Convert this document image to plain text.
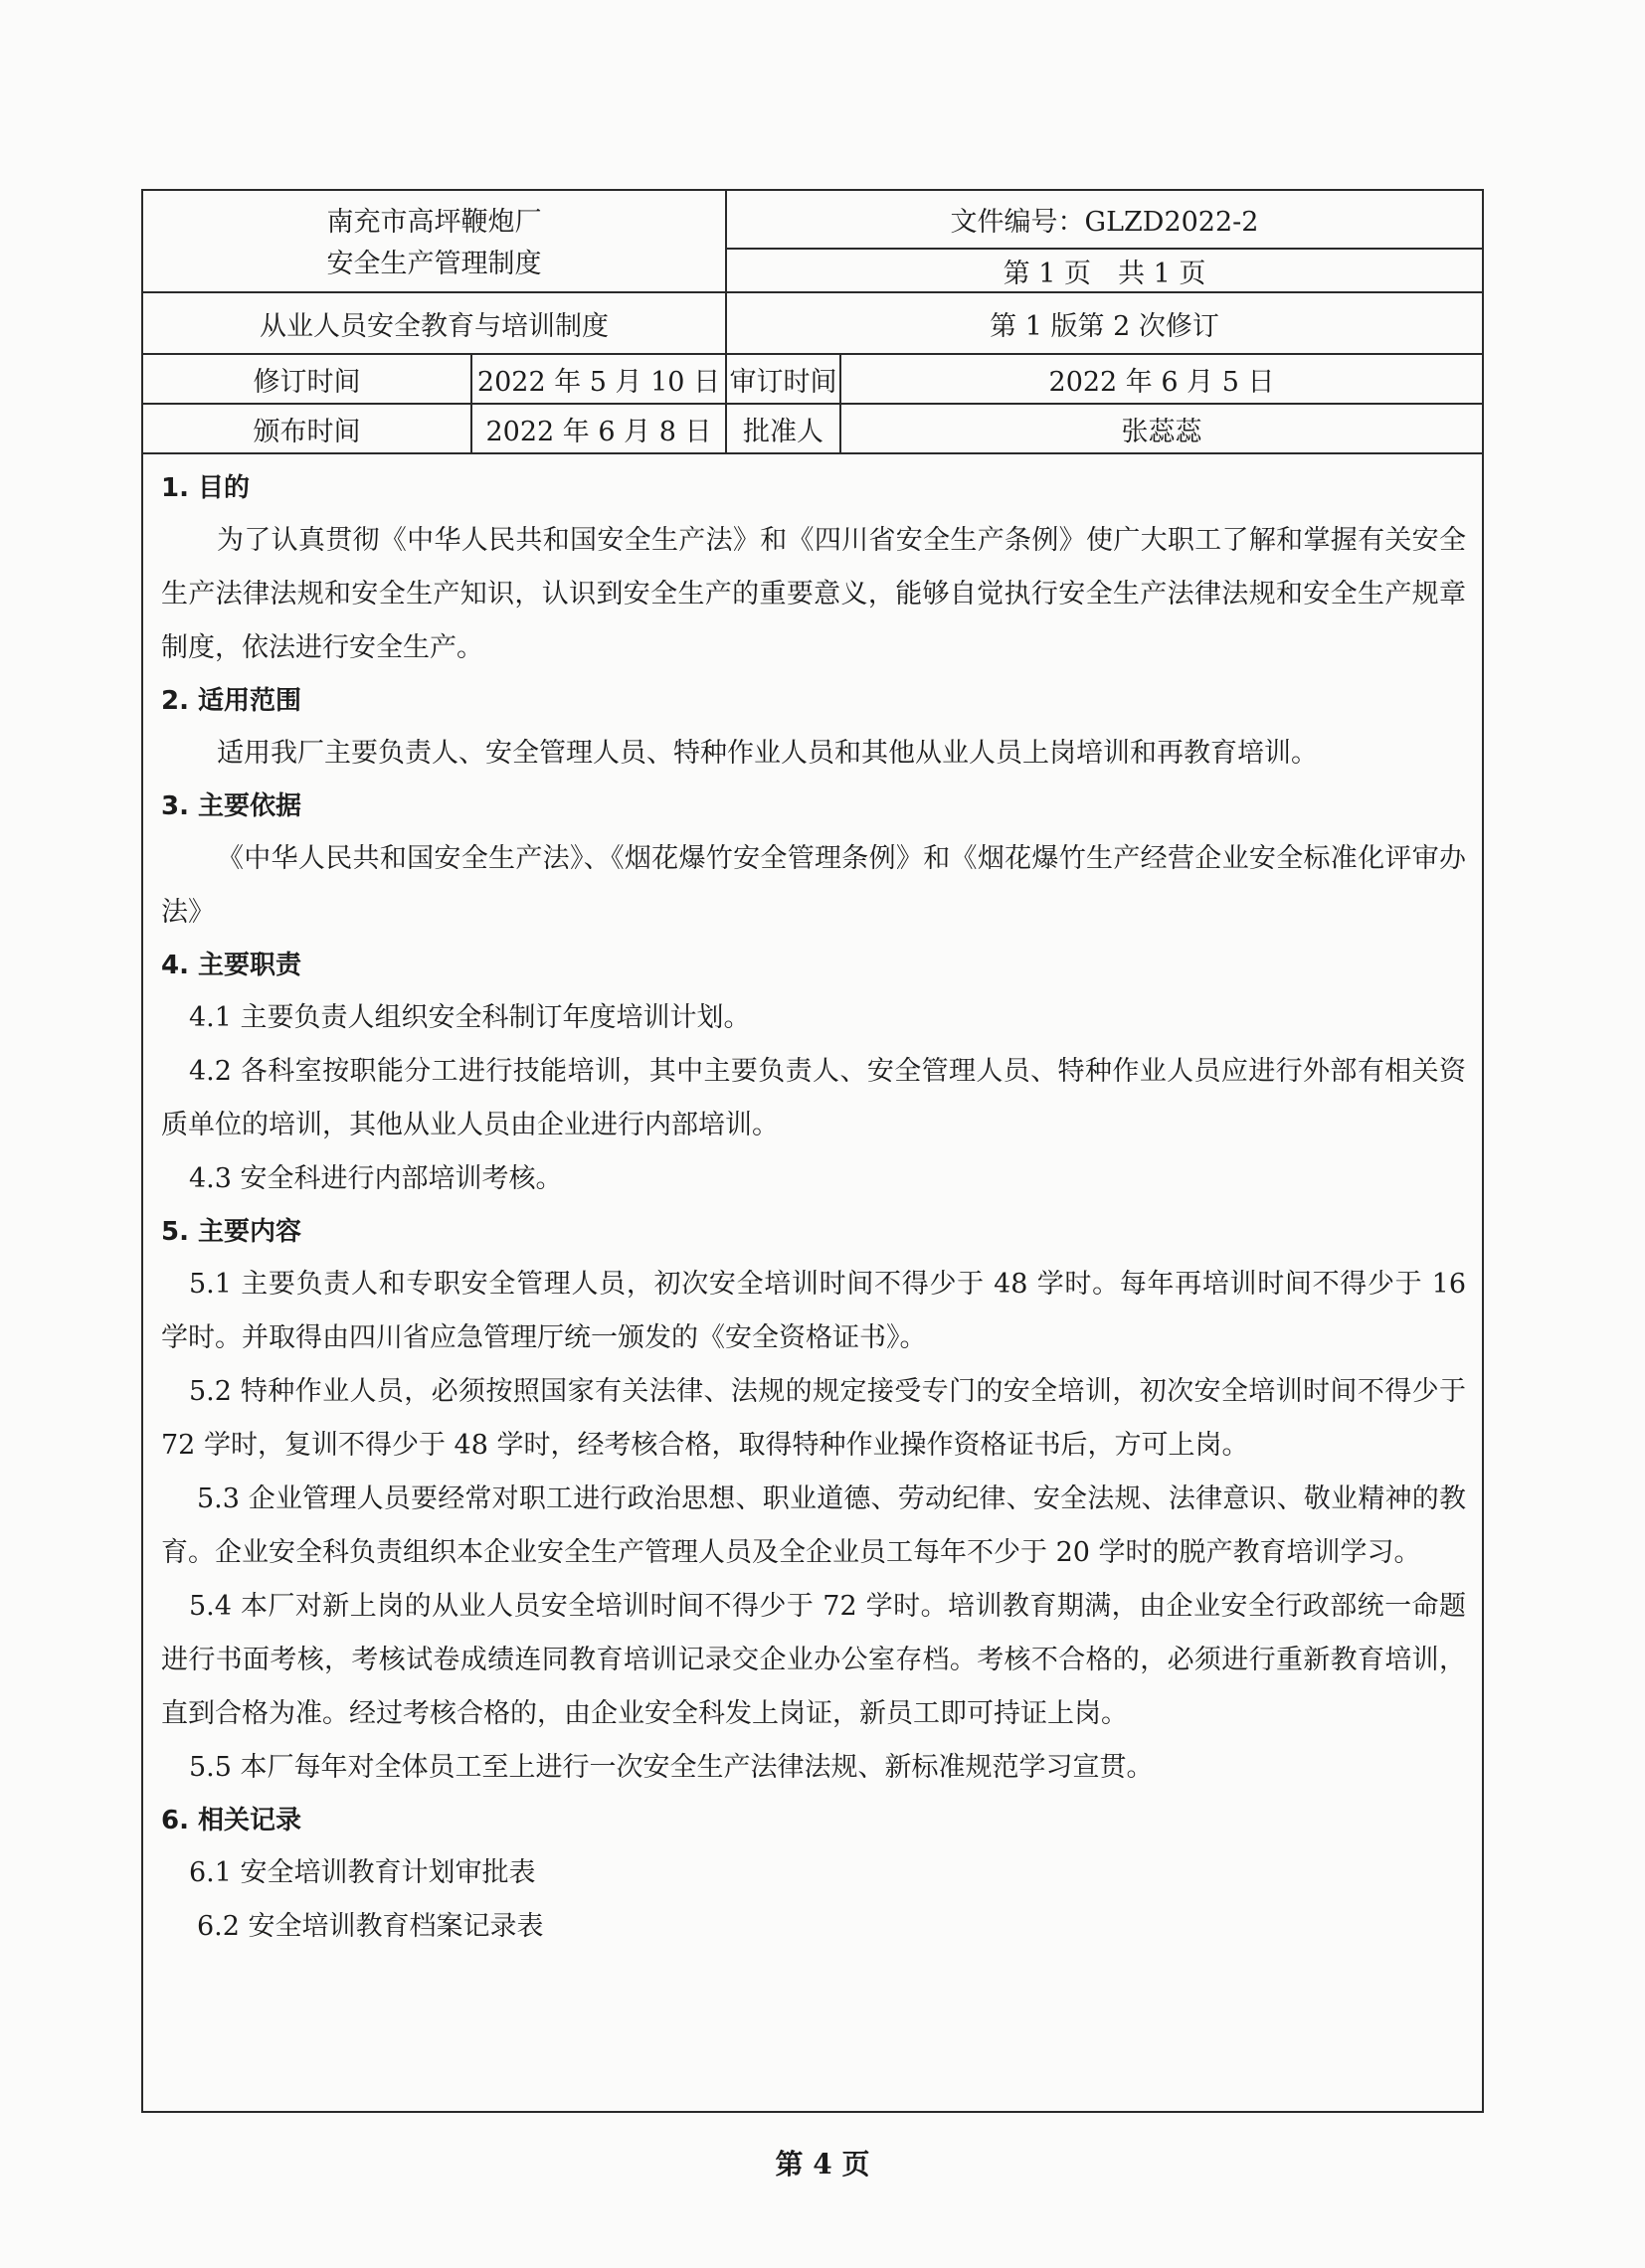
南充市高坪鞭炮厂
安全生产管理制度		文件编号：GLZD2022-2	
		第 1 页　共 1 页	
从业人员安全教育与培训制度		第 1 版第 2 次修订	
修订时间	2022 年 5 月 10 日	审订时间	2022 年 6 月 5 日
颁布时间	2022 年 6 月 8 日	批准人	张蕊蕊
1. 目的
为了认真贯彻《中华人民共和国安全生产法》和《四川省安全生产条例》使广大职工了解和掌握有关安全生产法律法规和安全生产知识，认识到安全生产的重要意义，能够自觉执行安全生产法律法规和安全生产规章制度，依法进行安全生产。
2. 适用范围
适用我厂主要负责人、安全管理人员、特种作业人员和其他从业人员上岗培训和再教育培训。
3. 主要依据
《中华人民共和国安全生产法》、《烟花爆竹安全管理条例》和《烟花爆竹生产经营企业安全标准化评审办法》
4. 主要职责
4.1 主要负责人组织安全科制订年度培训计划。
4.2 各科室按职能分工进行技能培训，其中主要负责人、安全管理人员、特种作业人员应进行外部有相关资质单位的培训，其他从业人员由企业进行内部培训。
4.3 安全科进行内部培训考核。
5. 主要内容
5.1 主要负责人和专职安全管理人员，初次安全培训时间不得少于 48 学时。每年再培训时间不得少于 16 学时。并取得由四川省应急管理厅统一颁发的《安全资格证书》。
5.2 特种作业人员，必须按照国家有关法律、法规的规定接受专门的安全培训，初次安全培训时间不得少于 72 学时，复训不得少于 48 学时，经考核合格，取得特种作业操作资格证书后，方可上岗。
5.3 企业管理人员要经常对职工进行政治思想、职业道德、劳动纪律、安全法规、法律意识、敬业精神的教育。企业安全科负责组织本企业安全生产管理人员及全企业员工每年不少于 20 学时的脱产教育培训学习。
5.4 本厂对新上岗的从业人员安全培训时间不得少于 72 学时。培训教育期满，由企业安全行政部统一命题进行书面考核，考核试卷成绩连同教育培训记录交企业办公室存档。考核不合格的，必须进行重新教育培训，直到合格为准。经过考核合格的，由企业安全科发上岗证，新员工即可持证上岗。
5.5 本厂每年对全体员工至上进行一次安全生产法律法规、新标准规范学习宣贯。
6. 相关记录
6.1 安全培训教育计划审批表
6.2 安全培训教育档案记录表
第 4 页
